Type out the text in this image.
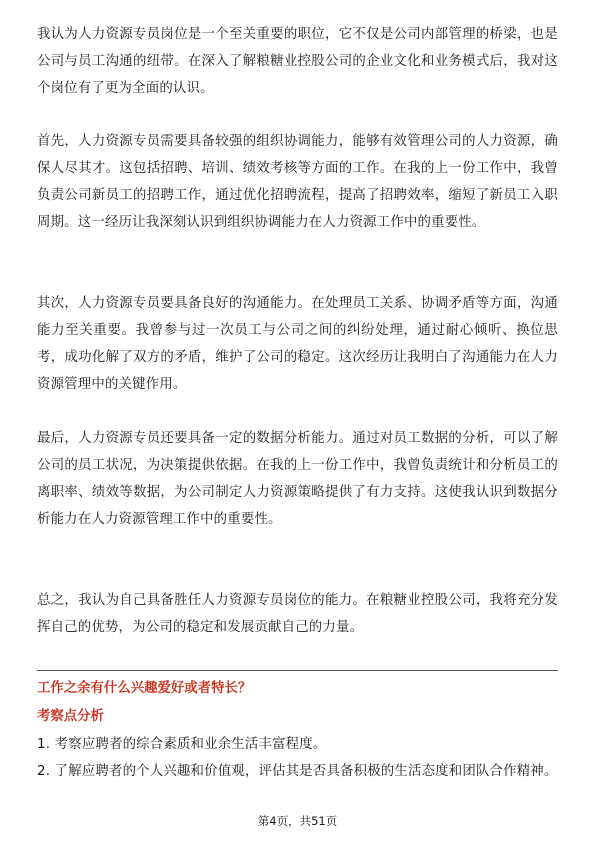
我认为人力资源专员岗位是一个至关重要的职位，它不仅是公司内部管理的桥梁，也是公司与员工沟通的纽带。在深入了解粮糖业控股公司的企业文化和业务模式后，我对这个岗位有了更为全面的认识。

首先，人力资源专员需要具备较强的组织协调能力，能够有效管理公司的人力资源，确保人尽其才。这包括招聘、培训、绩效考核等方面的工作。在我的上一份工作中，我曾负责公司新员工的招聘工作，通过优化招聘流程，提高了招聘效率，缩短了新员工入职周期。这一经历让我深刻认识到组织协调能力在人力资源工作中的重要性。

其次，人力资源专员要具备良好的沟通能力。在处理员工关系、协调矛盾等方面，沟通能力至关重要。我曾参与过一次员工与公司之间的纠纷处理，通过耐心倾听、换位思考，成功化解了双方的矛盾，维护了公司的稳定。这次经历让我明白了沟通能力在人力资源管理中的关键作用。

最后，人力资源专员还要具备一定的数据分析能力。通过对员工数据的分析，可以了解公司的员工状况，为决策提供依据。在我的上一份工作中，我曾负责统计和分析员工的离职率、绩效等数据，为公司制定人力资源策略提供了有力支持。这使我认识到数据分析能力在人力资源管理工作中的重要性。

总之，我认为自己具备胜任人力资源专员岗位的能力。在粮糖业控股公司，我将充分发挥自己的优势，为公司的稳定和发展贡献自己的力量。

工作之余有什么兴趣爱好或者特长？

考察点分析

1. 考察应聘者的综合素质和业余生活丰富程度。

2. 了解应聘者的个人兴趣和价值观，评估其是否具备积极的生活态度和团队合作精神。

第4页，共51页
